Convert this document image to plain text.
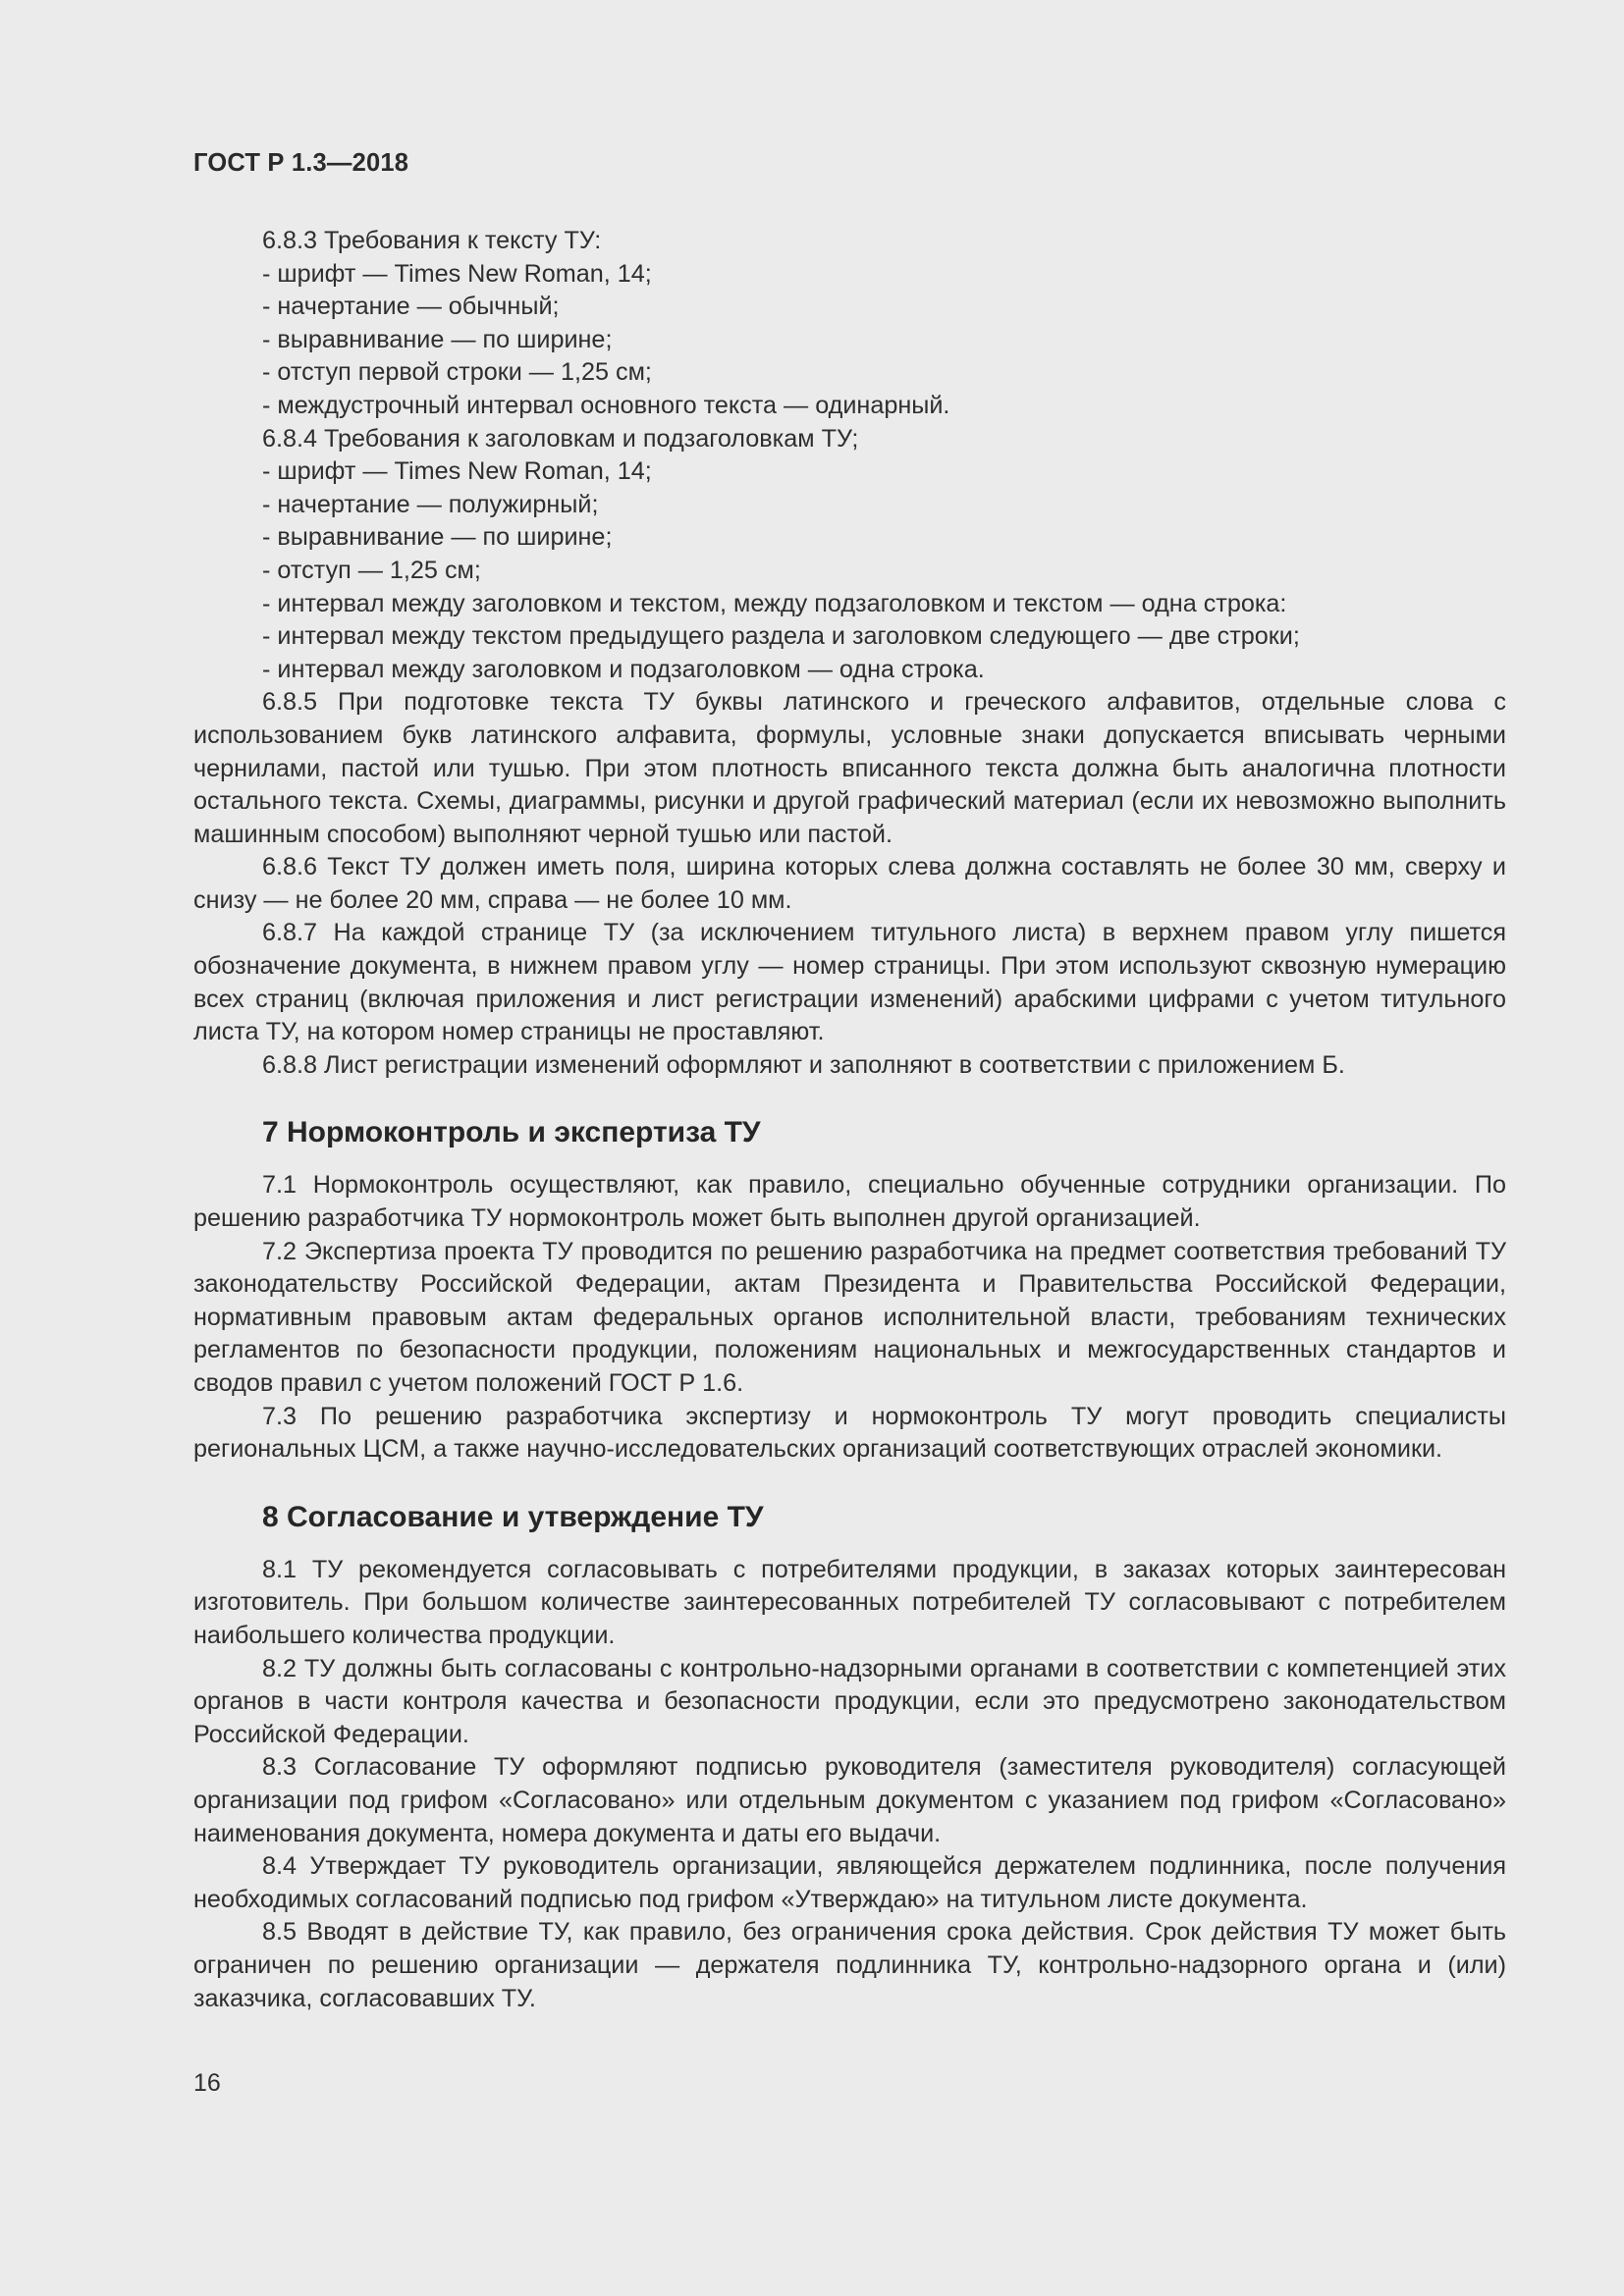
ГОСТ Р 1.3—2018

6.8.3 Требования к тексту ТУ:

- шрифт — Times New Roman, 14;

- начертание — обычный;

- выравнивание — по ширине;

- отступ первой строки — 1,25 см;

- междустрочный интервал основного текста — одинарный.

6.8.4 Требования к заголовкам и подзаголовкам ТУ;

- шрифт — Times New Roman, 14;

- начертание — полужирный;

- выравнивание — по ширине;

- отступ — 1,25 см;

- интервал между заголовком и текстом, между подзаголовком и текстом — одна строка:

- интервал между текстом предыдущего раздела и заголовком следующего — две строки;

- интервал между заголовком и подзаголовком — одна строка.

6.8.5 При подготовке текста ТУ буквы латинского и греческого алфавитов, отдельные слова с использованием букв латинского алфавита, формулы, условные знаки допускается вписывать черными чернилами, пастой или тушью. При этом плотность вписанного текста должна быть аналогична плотности остального текста. Схемы, диаграммы, рисунки и другой графический материал (если их невозможно выполнить машинным способом) выполняют черной тушью или пастой.

6.8.6 Текст ТУ должен иметь поля, ширина которых слева должна составлять не более 30 мм, сверху и снизу — не более 20 мм, справа — не более 10 мм.

6.8.7 На каждой странице ТУ (за исключением титульного листа) в верхнем правом углу пишется обозначение документа, в нижнем правом углу — номер страницы. При этом используют сквозную нумерацию всех страниц (включая приложения и лист регистрации изменений) арабскими цифрами с учетом титульного листа ТУ, на котором номер страницы не проставляют.

6.8.8 Лист регистрации изменений оформляют и заполняют в соответствии с приложением Б.

7 Нормоконтроль и экспертиза ТУ

7.1 Нормоконтроль осуществляют, как правило, специально обученные сотрудники организации. По решению разработчика ТУ нормоконтроль может быть выполнен другой организацией.

7.2 Экспертиза проекта ТУ проводится по решению разработчика на предмет соответствия требований ТУ законодательству Российской Федерации, актам Президента и Правительства Российской Федерации, нормативным правовым актам федеральных органов исполнительной власти, требованиям технических регламентов по безопасности продукции, положениям национальных и межгосударственных стандартов и сводов правил с учетом положений ГОСТ Р 1.6.

7.3 По решению разработчика экспертизу и нормоконтроль ТУ могут проводить специалисты региональных ЦСМ, а также научно-исследовательских организаций соответствующих отраслей экономики.

8 Согласование и утверждение ТУ

8.1 ТУ рекомендуется согласовывать с потребителями продукции, в заказах которых заинтересован изготовитель. При большом количестве заинтересованных потребителей ТУ согласовывают с потребителем наибольшего количества продукции.

8.2 ТУ должны быть согласованы с контрольно-надзорными органами в соответствии с компетенцией этих органов в части контроля качества и безопасности продукции, если это предусмотрено законодательством Российской Федерации.

8.3 Согласование ТУ оформляют подписью руководителя (заместителя руководителя) согласующей организации под грифом «Согласовано» или отдельным документом с указанием под грифом «Согласовано» наименования документа, номера документа и даты его выдачи.

8.4 Утверждает ТУ руководитель организации, являющейся держателем подлинника, после получения необходимых согласований подписью под грифом «Утверждаю» на титульном листе документа.

8.5 Вводят в действие ТУ, как правило, без ограничения срока действия. Срок действия ТУ может быть ограничен по решению организации — держателя подлинника ТУ, контрольно-надзорного органа и (или) заказчика, согласовавших ТУ.

16
